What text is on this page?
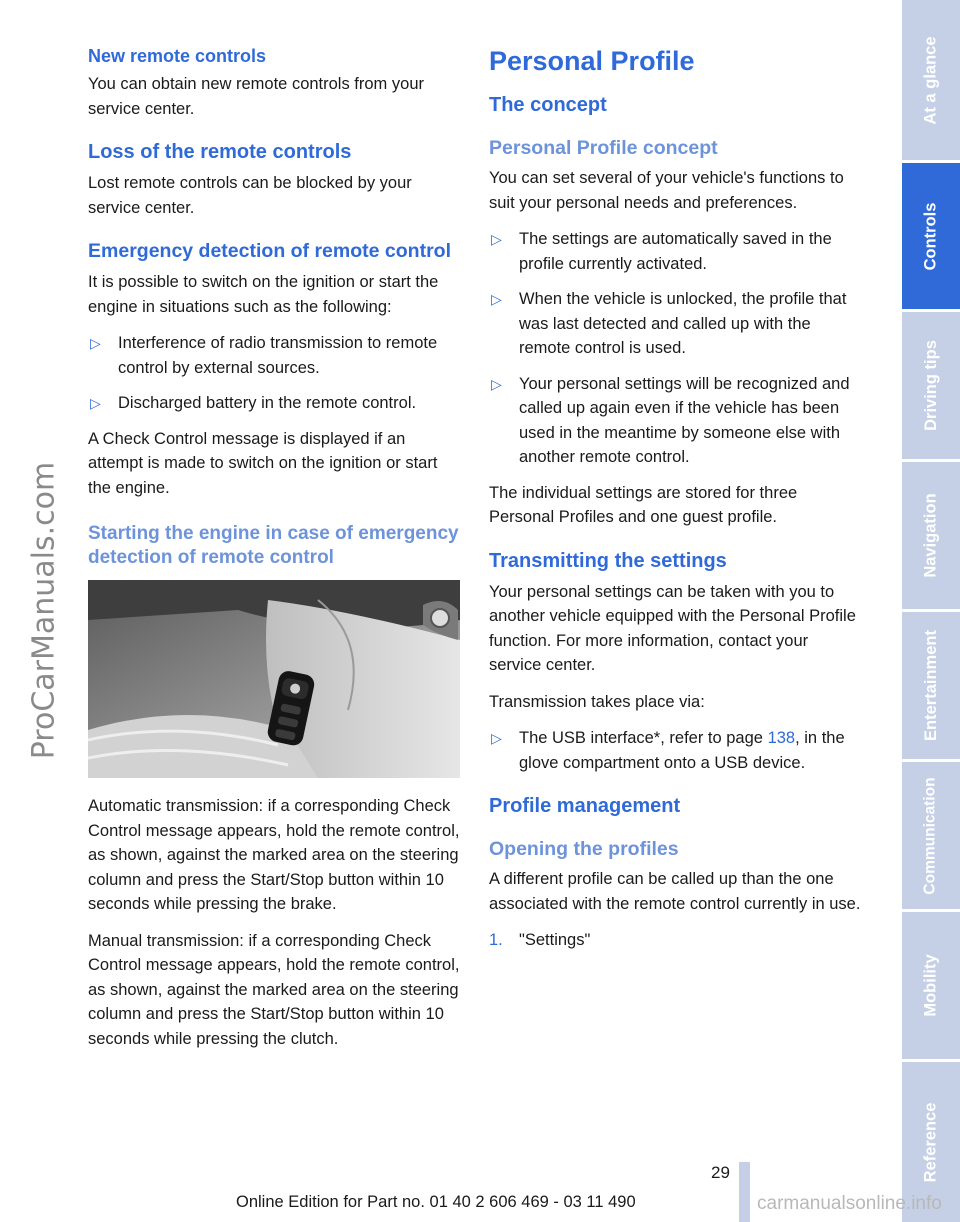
New remote controls
You can obtain new remote controls from your service center.
Loss of the remote controls
Lost remote controls can be blocked by your service center.
Emergency detection of remote control
It is possible to switch on the ignition or start the engine in situations such as the following:
▷ Interference of radio transmission to remote control by external sources.
▷ Discharged battery in the remote control.
A Check Control message is displayed if an attempt is made to switch on the ignition or start the engine.
Starting the engine in case of emergency detection of remote control
Automatic transmission: if a corresponding Check Control message appears, hold the remote control, as shown, against the marked area on the steering column and press the Start/Stop button within 10 seconds while pressing the brake.
Manual transmission: if a corresponding Check Control message appears, hold the remote control, as shown, against the marked area on the steering column and press the Start/Stop button within 10 seconds while pressing the clutch.
Personal Profile
The concept
Personal Profile concept
You can set several of your vehicle's functions to suit your personal needs and preferences.
▷ The settings are automatically saved in the profile currently activated.
▷ When the vehicle is unlocked, the profile that was last detected and called up with the remote control is used.
▷ Your personal settings will be recognized and called up again even if the vehicle has been used in the meantime by someone else with another remote control.
The individual settings are stored for three Personal Profiles and one guest profile.
Transmitting the settings
Your personal settings can be taken with you to another vehicle equipped with the Personal Profile function. For more information, contact your service center.
Transmission takes place via:
▷ The USB interface*, refer to page 138, in the glove compartment onto a USB device.
Profile management
Opening the profiles
A different profile can be called up than the one associated with the remote control currently in use.
1. "Settings"
At a glance
Controls
Driving tips
Navigation
Entertainment
Communication
Mobility
Reference
ProCarManuals.com
29
Online Edition for Part no. 01 40 2 606 469 - 03 11 490	carmanualsonline.info
